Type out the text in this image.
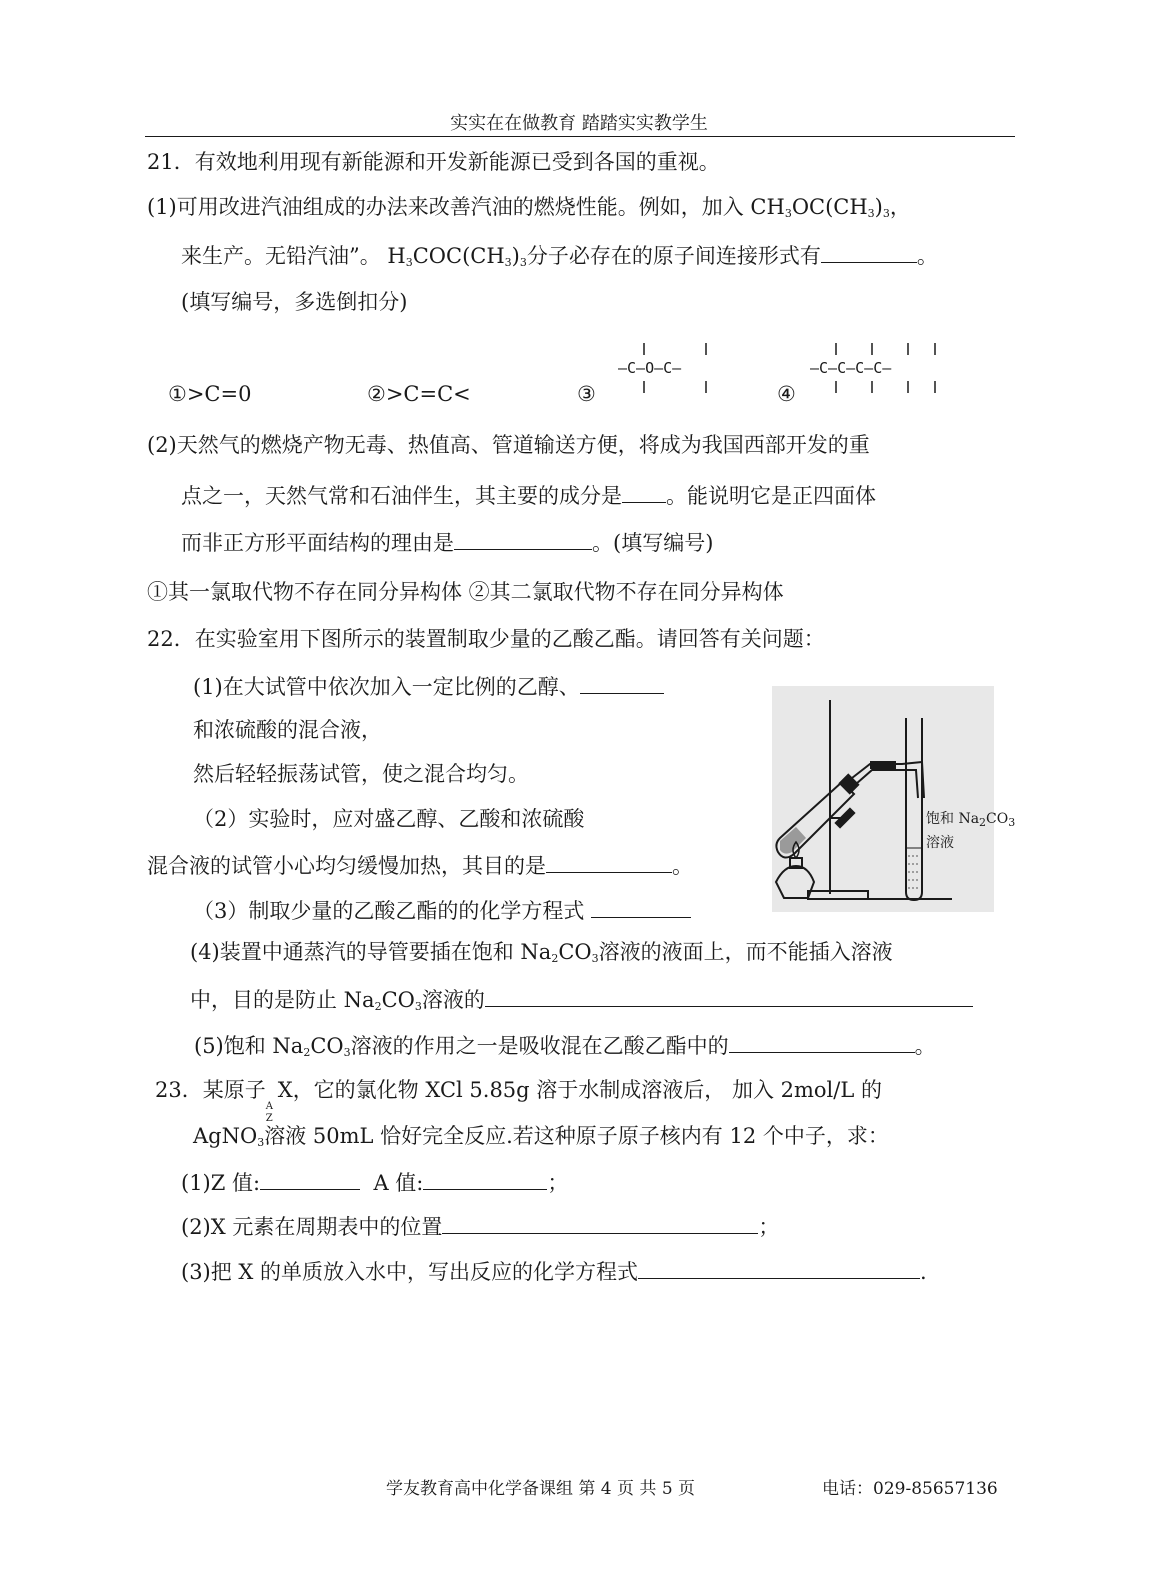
实实在在做教育 踏踏实实教学生
21．有效地利用现有新能源和开发新能源已受到各国的重视。
(1)可用改进汽油组成的办法来改善汽油的燃烧性能。例如，加入 $CH_3OC(CH_3)_3$，
来生产。无铅汽油”。 $H_3COC(CH_3)_3$分子必存在的原子间连接形式有	。
(填写编号，多选倒扣分)
①>C=0	②>C=C<	③	④
—C—O—C—	—C—C—C—C—
(2)天然气的燃烧产物无毒、热值高、管道输送方便，将成为我国西部开发的重
点之一，天然气常和石油伴生，其主要的成分是 。能说明它是正四面体
而非正方形平面结构的理由是	。(填写编号)
①其一氯取代物不存在同分异构体 ②其二氯取代物不存在同分异构体
22．在实验室用下图所示的装置制取少量的乙酸乙酯。请回答有关问题：
(1)在大试管中依次加入一定比例的乙醇、
和浓硫酸的混合液，
然后轻轻振荡试管，使之混合均匀。
（2）实验时，应对盛乙醇、乙酸和浓硫酸
混合液的试管小心均匀缓慢加热，其目的是	。
（3）制取少量的乙酸乙酯的的化学方程式
饱和 $Na_2CO_3$
溶液
(4)装置中通蒸汽的导管要插在饱和 $Na_2CO_3$溶液的液面上，而不能插入溶液
中，目的是防止 $Na_2CO_3$溶液的
(5)饱和 $Na_2CO_3$溶液的作用之一是吸收混在乙酸乙酯中的	。
23．某原子
A
Z
X，它的氯化物 XCl 5.85g 溶于水制成溶液后， 加入 2mol/L 的
AgNO$_3$溶液 50mL 恰好完全反应.若这种原子原子核内有 12 个中子，求：
(1)Z 值:	A 值:	；
(2)X 元素在周期表中的位置	；
(3)把 X 的单质放入水中，写出反应的化学方程式	.
学友教育高中化学备课组 第 4 页 共 5 页	电话：029-85657136
